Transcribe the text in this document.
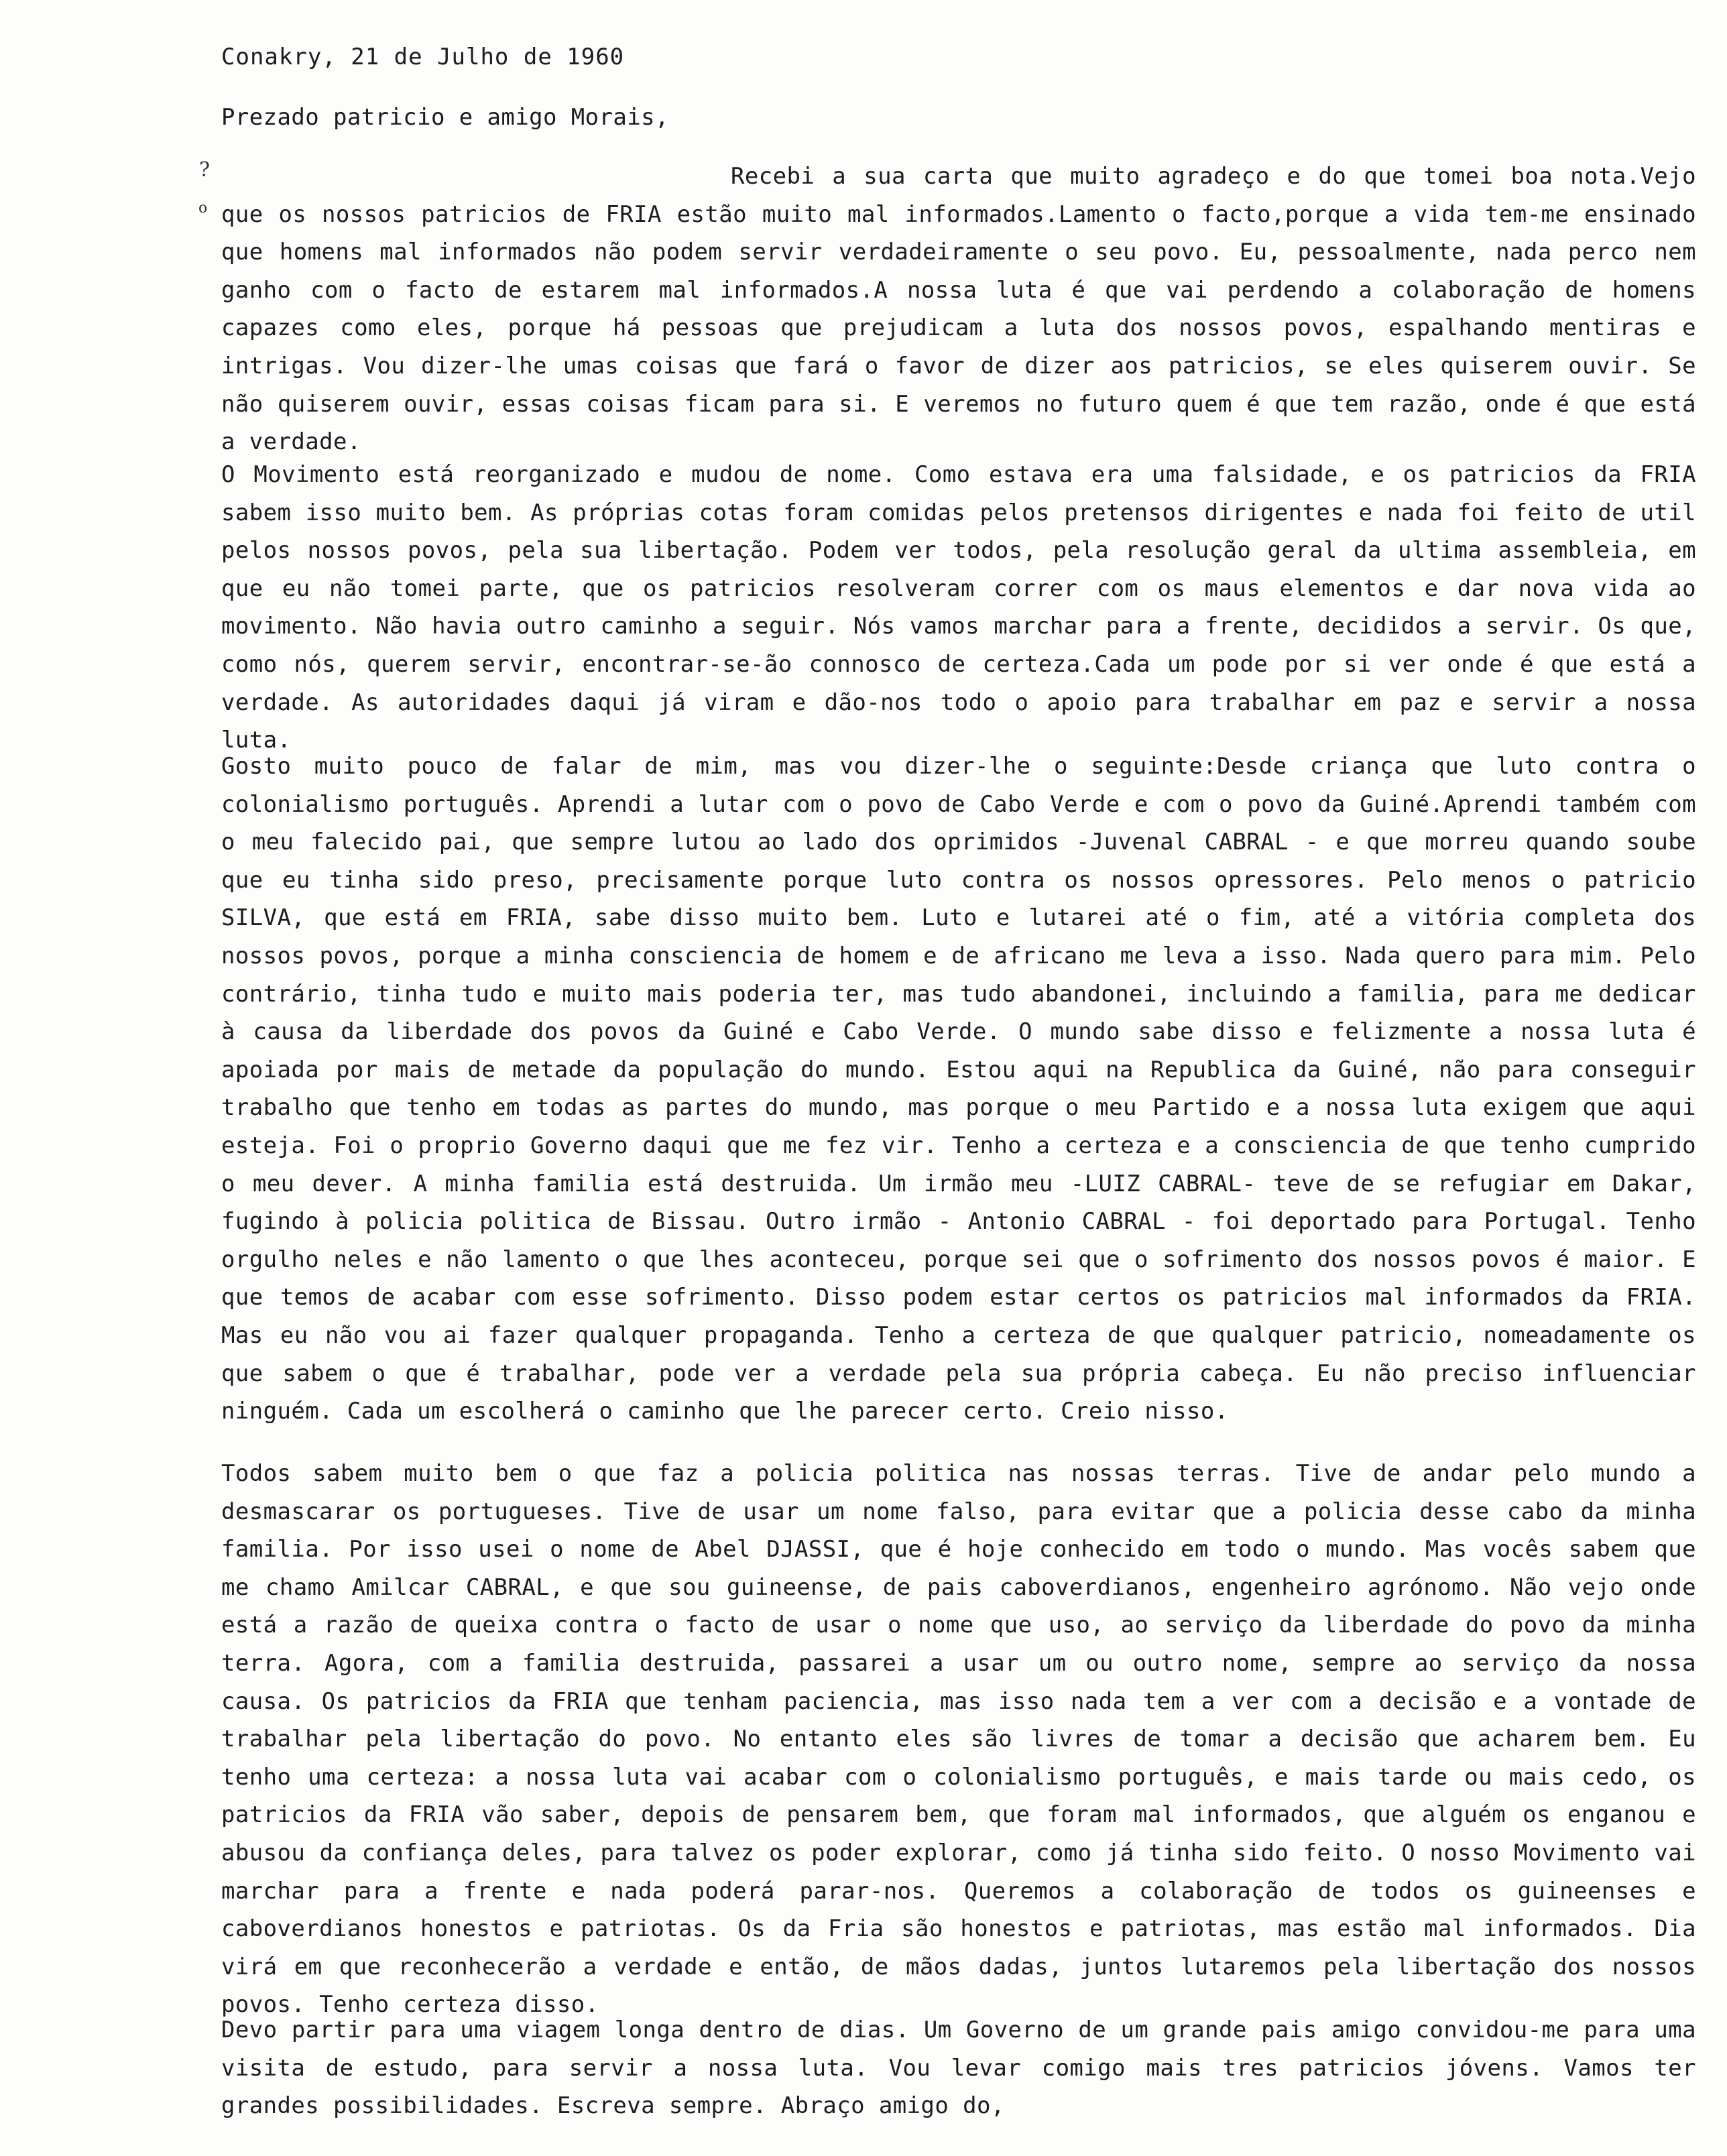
?
o
Conakry, 21 de Julho de 1960
Prezado patricio e amigo Morais,

Recebi a sua carta que muito agradeço e do que tomei boa nota.Vejo que os nossos patricios de FRIA estão muito mal informados.Lamento o facto,porque a vida tem-me ensinado que homens mal informados não podem servir verdadeiramente o seu povo. Eu, pessoalmente, nada perco nem ganho com o facto de estarem mal informados.A nossa luta é que vai perdendo a colaboração de homens capazes como eles, porque há pessoas que prejudicam a luta dos nossos povos, espalhando mentiras e intrigas. Vou dizer-lhe umas coisas que fará o favor de dizer aos patricios, se eles quiserem ouvir. Se não quiserem ouvir, essas coisas ficam para si. E veremos no futuro quem é que tem razão, onde é que está a verdade.

O Movimento está reorganizado e mudou de nome. Como estava era uma falsidade, e os patricios da FRIA sabem isso muito bem. As próprias cotas foram comidas pelos pretensos dirigentes e nada foi feito de util pelos nossos povos, pela sua libertação. Podem ver todos, pela resolução geral da ultima assembleia, em que eu não tomei parte, que os patricios resolveram correr com os maus elementos e dar nova vida ao movimento. Não havia outro caminho a seguir. Nós vamos marchar para a frente, decididos a servir. Os que, como nós, querem servir, encontrar-se-ão connosco de certeza.Cada um pode por si ver onde é que está a verdade. As autoridades daqui já viram e dão-nos todo o apoio para trabalhar em paz e servir a nossa luta.

Gosto muito pouco de falar de mim, mas vou dizer-lhe o seguinte:Desde criança que luto contra o colonialismo português. Aprendi a lutar com o povo de Cabo Verde e com o povo da Guiné.Aprendi também com o meu falecido pai, que sempre lutou ao lado dos oprimidos -Juvenal CABRAL - e que morreu quando soube que eu tinha sido preso, precisamente porque luto contra os nossos opressores. Pelo menos o patricio SILVA, que está em FRIA, sabe disso muito bem. Luto e lutarei até o fim, até a vitória completa dos nossos povos, porque a minha consciencia de homem e de africano me leva a isso. Nada quero para mim. Pelo contrário, tinha tudo e muito mais poderia ter, mas tudo abandonei, incluindo a familia, para me dedicar à causa da liberdade dos povos da Guiné e Cabo Verde. O mundo sabe disso e felizmente a nossa luta é apoiada por mais de metade da população do mundo. Estou aqui na Republica da Guiné, não para conseguir trabalho que tenho em todas as partes do mundo, mas porque o meu Partido e a nossa luta exigem que aqui esteja. Foi o proprio Governo daqui que me fez vir. Tenho a certeza e a consciencia de que tenho cumprido o meu dever. A minha familia está destruida. Um irmão meu -LUIZ CABRAL- teve de se refugiar em Dakar, fugindo à policia politica de Bissau. Outro irmão - Antonio CABRAL - foi deportado para Portugal. Tenho orgulho neles e não lamento o que lhes aconteceu, porque sei que o sofrimento dos nossos povos é maior. E que temos de acabar com esse sofrimento. Disso podem estar certos os patricios mal informados da FRIA. Mas eu não vou ai fazer qualquer propaganda. Tenho a certeza de que qualquer patricio, nomeadamente os que sabem o que é trabalhar, pode ver a verdade pela sua própria cabeça. Eu não preciso influenciar ninguém. Cada um escolherá o caminho que lhe parecer certo. Creio nisso.

Todos sabem muito bem o que faz a policia politica nas nossas terras. Tive de andar pelo mundo a desmascarar os portugueses. Tive de usar um nome falso, para evitar que a policia desse cabo da minha familia. Por isso usei o nome de Abel DJASSI, que é hoje conhecido em todo o mundo. Mas vocês sabem que me chamo Amilcar CABRAL, e que sou guineense, de pais caboverdianos, engenheiro agrónomo. Não vejo onde está a razão de queixa contra o facto de usar o nome que uso, ao serviço da liberdade do povo da minha terra. Agora, com a familia destruida, passarei a usar um ou outro nome, sempre ao serviço da nossa causa. Os patricios da FRIA que tenham paciencia, mas isso nada tem a ver com a decisão e a vontade de trabalhar pela libertação do povo. No entanto eles são livres de tomar a decisão que acharem bem. Eu tenho uma certeza: a nossa luta vai acabar com o colonialismo português, e mais tarde ou mais cedo, os patricios da FRIA vão saber, depois de pensarem bem, que foram mal informados, que alguém os enganou e abusou da confiança deles, para talvez os poder explorar, como já tinha sido feito. O nosso Movimento vai marchar para a frente e nada poderá parar-nos. Queremos a colaboração de todos os guineenses e caboverdianos honestos e patriotas. Os da Fria são honestos e patriotas, mas estão mal informados. Dia virá em que reconhecerão a verdade e então, de mãos dadas, juntos lutaremos pela libertação dos nossos povos. Tenho certeza disso.

Devo partir para uma viagem longa dentro de dias. Um Governo de um grande pais amigo convidou-me para uma visita de estudo, para servir a nossa luta. Vou levar comigo mais tres patricios jóvens. Vamos ter grandes possibilidades. Escreva sempre. Abraço amigo do,
